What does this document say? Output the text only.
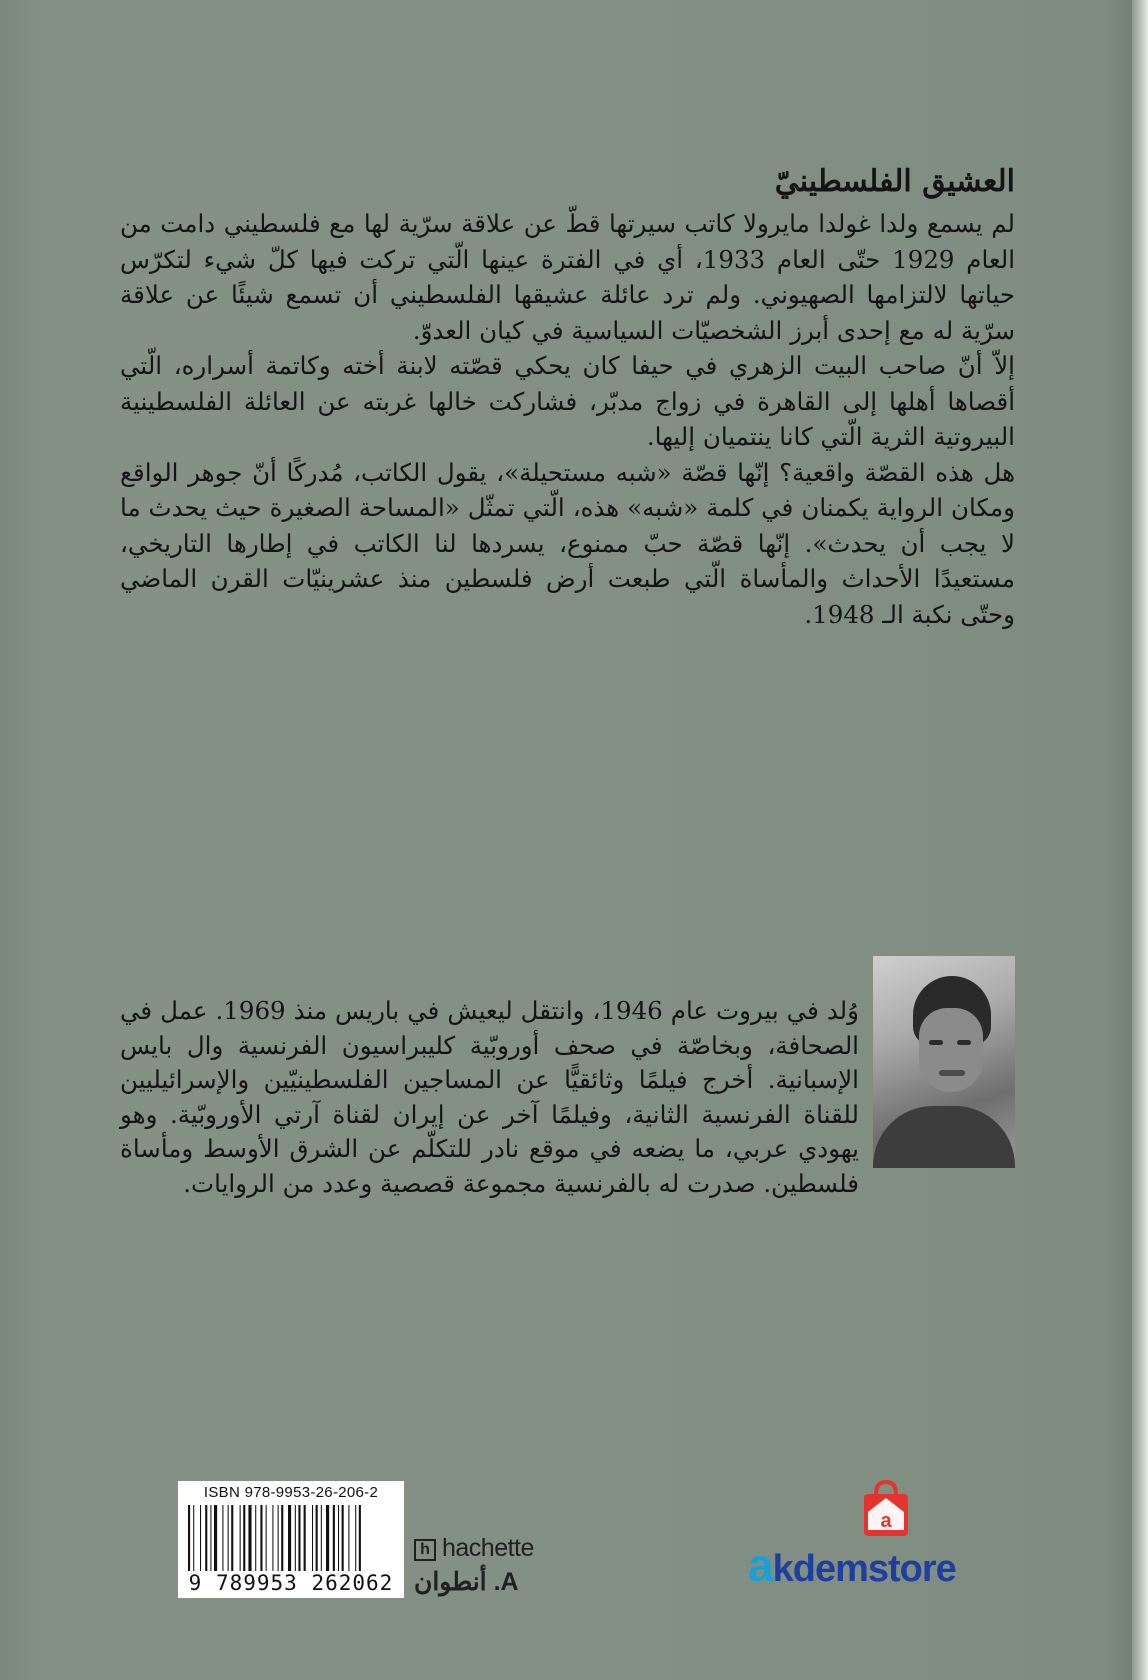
العشيق الفلسطينيّ

لم يسمع ولدا غولدا مايرولا كاتب سيرتها قطّ عن علاقة سرّية لها مع فلسطيني دامت من العام 1929 حتّى العام 1933، أي في الفترة عينها الّتي تركت فيها كلّ شيء لتكرّس حياتها لالتزامها الصهيوني. ولم ترد عائلة عشيقها الفلسطيني أن تسمع شيئًا عن علاقة سرّية له مع إحدى أبرز الشخصيّات السياسية في كيان العدوّ.

إلاّ أنّ صاحب البيت الزهري في حيفا كان يحكي قصّته لابنة أخته وكاتمة أسراره، الّتي أقصاها أهلها إلى القاهرة في زواج مدبّر، فشاركت خالها غربته عن العائلة الفلسطينية البيروتية الثرية الّتي كانا ينتميان إليها.

هل هذه القصّة واقعية؟ إنّها قصّة «شبه مستحيلة»، يقول الكاتب، مُدركًا أنّ جوهر الواقع ومكان الرواية يكمنان في كلمة «شبه» هذه، الّتي تمثّل «المساحة الصغيرة حيث يحدث ما لا يجب أن يحدث». إنّها قصّة حبّ ممنوع، يسردها لنا الكاتب في إطارها التاريخي، مستعيدًا الأحداث والمأساة الّتي طبعت أرض فلسطين منذ عشرينيّات القرن الماضي وحتّى نكبة الـ 1948.

وُلد في بيروت عام 1946، وانتقل ليعيش في باريس منذ 1969. عمل في الصحافة، وبخاصّة في صحف أوروبّية كليبراسيون الفرنسية وال بايس الإسبانية. أخرج فيلمًا وثائقيًّا عن المساجين الفلسطينيّين والإسرائيليين للقناة الفرنسية الثانية، وفيلمًا آخر عن إيران لقناة آرتي الأوروبّية. وهو يهودي عربي، ما يضعه في موقع نادر للتكلّم عن الشرق الأوسط ومأساة فلسطين. صدرت له بالفرنسية مجموعة قصصية وعدد من الروايات.

ISBN 978-9953-26-206-2
9 789953 262062
h hachette
أنطوان .A
a
akdemstore
